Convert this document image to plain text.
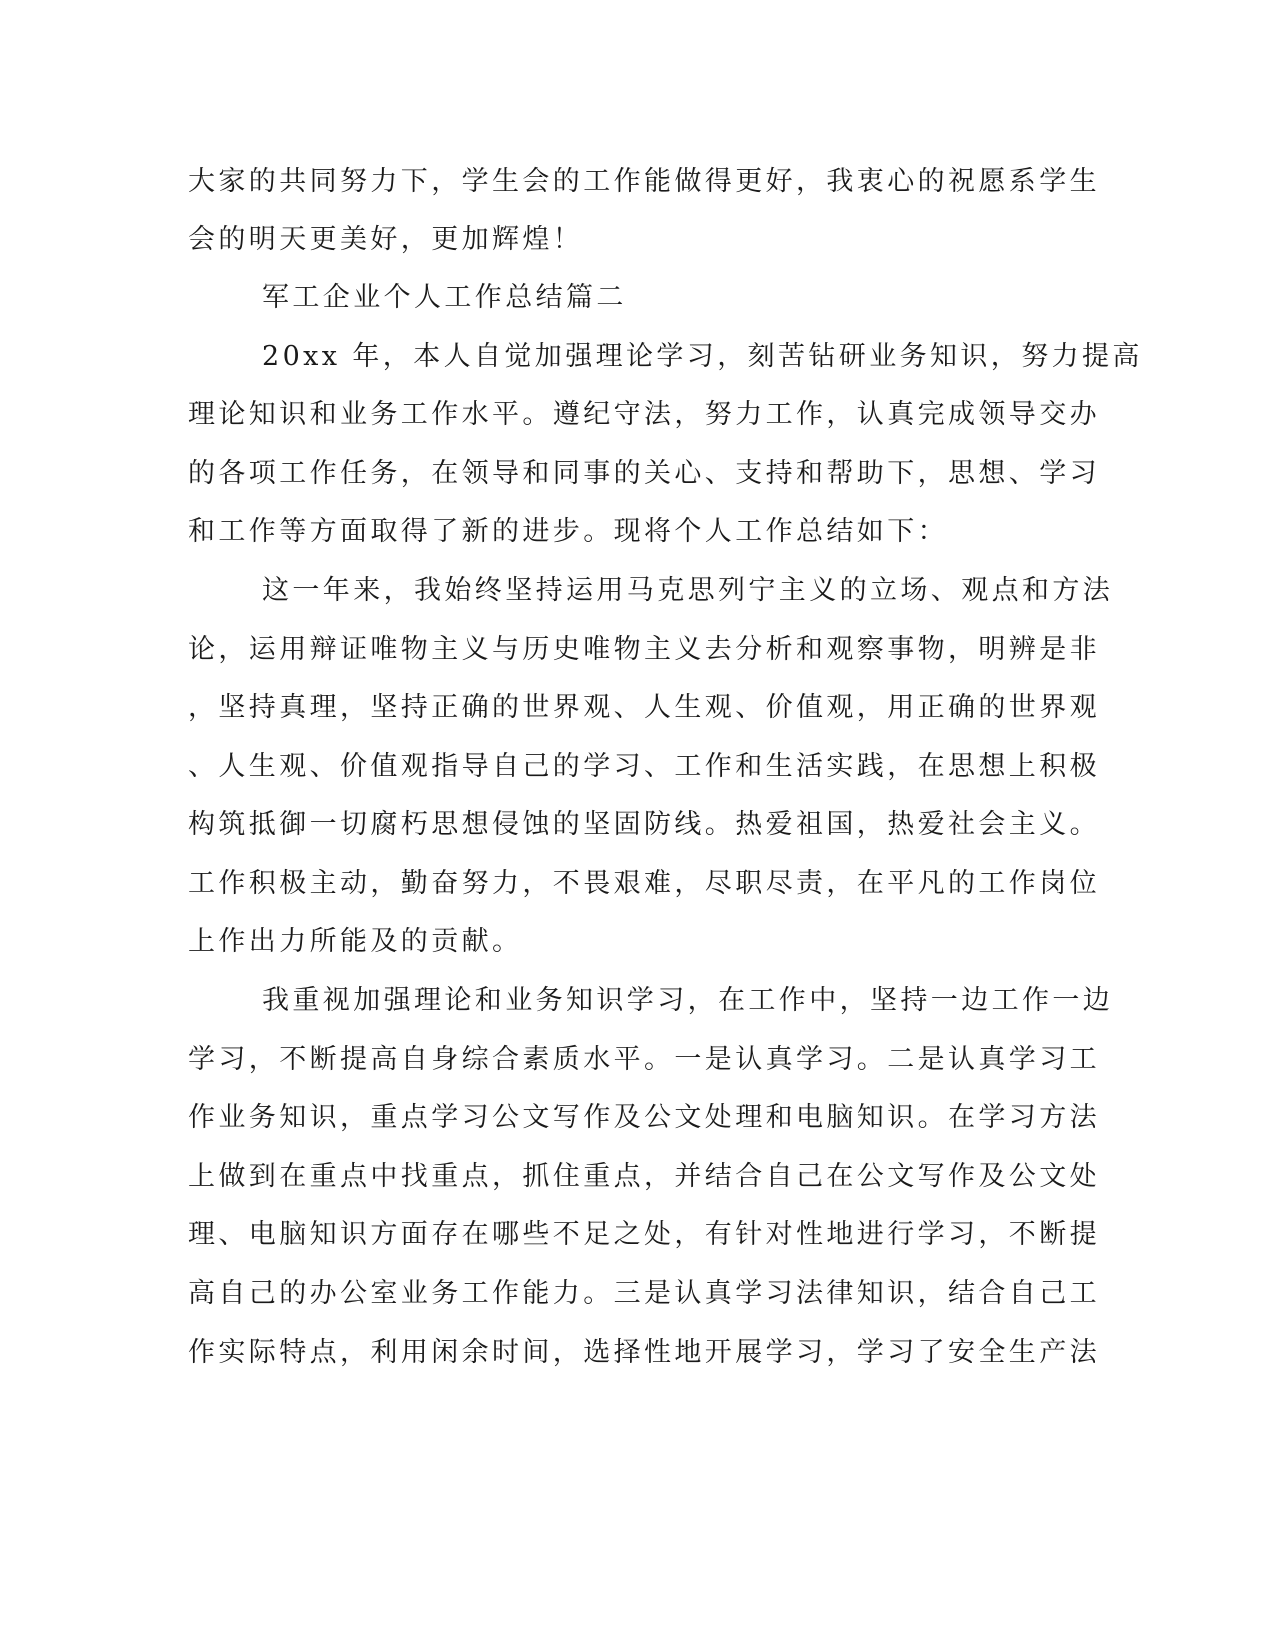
大家的共同努力下，学生会的工作能做得更好，我衷心的祝愿系学生
会的明天更美好，更加辉煌！
军工企业个人工作总结篇二
20xx 年，本人自觉加强理论学习，刻苦钻研业务知识，努力提高
理论知识和业务工作水平。遵纪守法，努力工作，认真完成领导交办
的各项工作任务，在领导和同事的关心、支持和帮助下，思想、学习
和工作等方面取得了新的进步。现将个人工作总结如下：
这一年来，我始终坚持运用马克思列宁主义的立场、观点和方法
论，运用辩证唯物主义与历史唯物主义去分析和观察事物，明辨是非
，坚持真理，坚持正确的世界观、人生观、价值观，用正确的世界观
、人生观、价值观指导自己的学习、工作和生活实践，在思想上积极
构筑抵御一切腐朽思想侵蚀的坚固防线。热爱祖国，热爱社会主义。
工作积极主动，勤奋努力，不畏艰难，尽职尽责，在平凡的工作岗位
上作出力所能及的贡献。
我重视加强理论和业务知识学习，在工作中，坚持一边工作一边
学习，不断提高自身综合素质水平。一是认真学习。二是认真学习工
作业务知识，重点学习公文写作及公文处理和电脑知识。在学习方法
上做到在重点中找重点，抓住重点，并结合自己在公文写作及公文处
理、电脑知识方面存在哪些不足之处，有针对性地进行学习，不断提
高自己的办公室业务工作能力。三是认真学习法律知识，结合自己工
作实际特点，利用闲余时间，选择性地开展学习，学习了安全生产法
